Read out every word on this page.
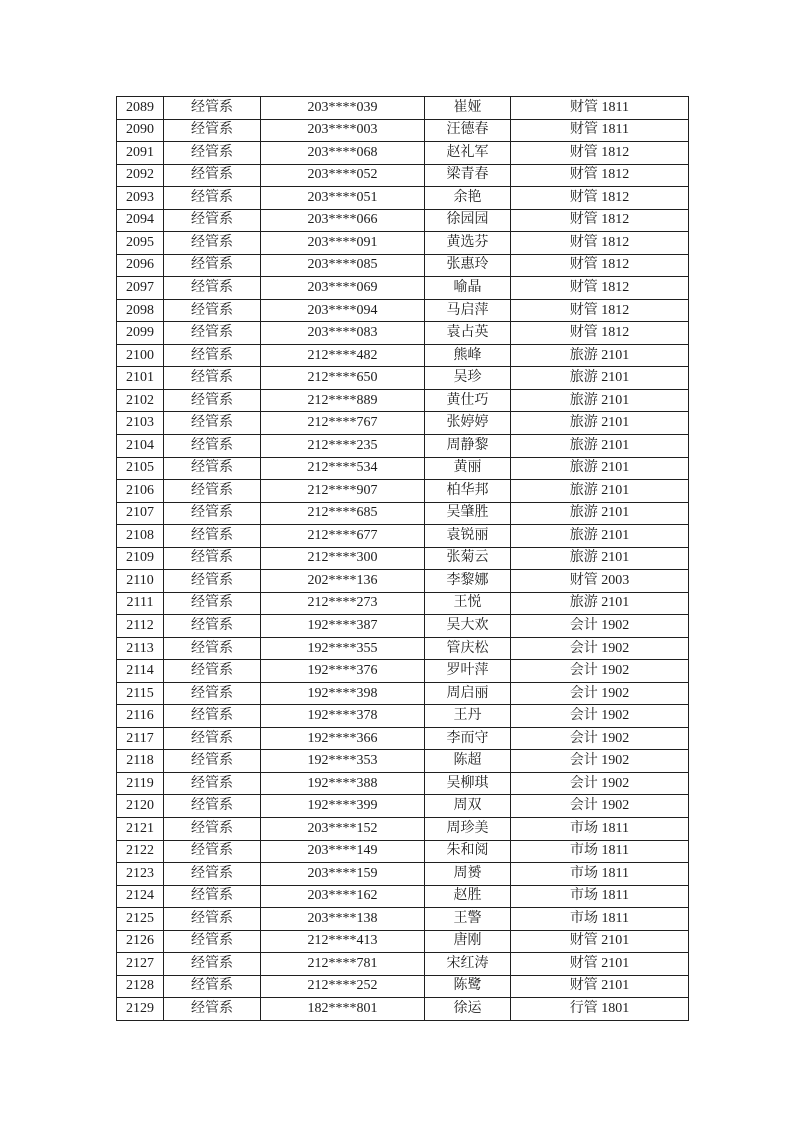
2089	经管系	203****039	崔娅	财管 1811
2090	经管系	203****003	汪德春	财管 1811
2091	经管系	203****068	赵礼军	财管 1812
2092	经管系	203****052	梁青春	财管 1812
2093	经管系	203****051	余艳	财管 1812
2094	经管系	203****066	徐园园	财管 1812
2095	经管系	203****091	黄选芬	财管 1812
2096	经管系	203****085	张惠玲	财管 1812
2097	经管系	203****069	喻晶	财管 1812
2098	经管系	203****094	马启萍	财管 1812
2099	经管系	203****083	袁占英	财管 1812
2100	经管系	212****482	熊峰	旅游 2101
2101	经管系	212****650	吴珍	旅游 2101
2102	经管系	212****889	黄仕巧	旅游 2101
2103	经管系	212****767	张婷婷	旅游 2101
2104	经管系	212****235	周静黎	旅游 2101
2105	经管系	212****534	黄丽	旅游 2101
2106	经管系	212****907	柏华邦	旅游 2101
2107	经管系	212****685	吴肇胜	旅游 2101
2108	经管系	212****677	袁锐丽	旅游 2101
2109	经管系	212****300	张菊云	旅游 2101
2110	经管系	202****136	李黎娜	财管 2003
2111	经管系	212****273	王悦	旅游 2101
2112	经管系	192****387	吴大欢	会计 1902
2113	经管系	192****355	管庆松	会计 1902
2114	经管系	192****376	罗叶萍	会计 1902
2115	经管系	192****398	周启丽	会计 1902
2116	经管系	192****378	王丹	会计 1902
2117	经管系	192****366	李而守	会计 1902
2118	经管系	192****353	陈超	会计 1902
2119	经管系	192****388	吴柳琪	会计 1902
2120	经管系	192****399	周双	会计 1902
2121	经管系	203****152	周珍美	市场 1811
2122	经管系	203****149	朱和阅	市场 1811
2123	经管系	203****159	周赟	市场 1811
2124	经管系	203****162	赵胜	市场 1811
2125	经管系	203****138	王警	市场 1811
2126	经管系	212****413	唐刚	财管 2101
2127	经管系	212****781	宋红涛	财管 2101
2128	经管系	212****252	陈鹭	财管 2101
2129	经管系	182****801	徐运	行管 1801
